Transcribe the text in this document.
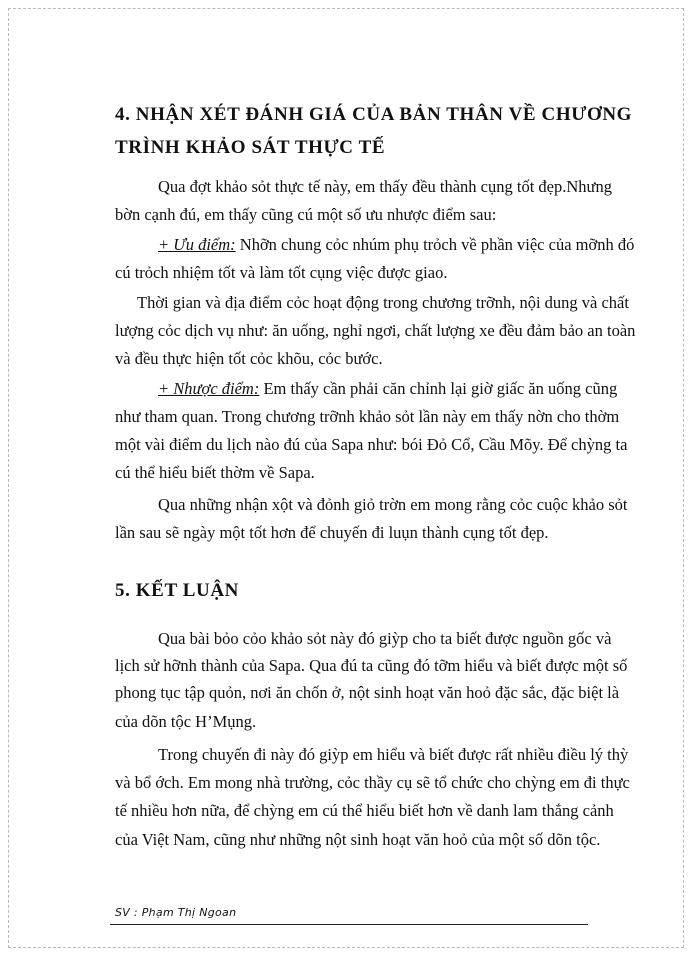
4. NHẬN XÉT ĐÁNH GIÁ CỦA BẢN THÂN VỀ CHƯƠNG
TRÌNH KHẢO SÁT THỰC TẾ
Qua đợt khảo sỏt thực tế này, em thấy đều thành cụng tốt đẹp.Nhưng
bờn cạnh đú, em thấy cũng cú một số ưu nhược điểm sau:
+ Ưu điểm: Nhỡn chung cỏc nhúm phụ trỏch về phần việc của mỡnh đó
cú trỏch nhiệm tốt và làm tốt cụng việc được giao.
Thời gian và địa điểm cỏc hoạt động trong chương trỡnh, nội dung và chất
lượng cỏc dịch vụ như: ăn uống, nghỉ ngơi, chất lượng xe đều đảm bảo an toàn
và đều thực hiện tốt cỏc khõu, cỏc bước.
+ Nhược điểm: Em thấy cần phải căn chỉnh lại giờ giấc ăn uống cũng
như tham quan. Trong chương trỡnh khảo sỏt lần này em thấy nờn cho thờm
một vài điểm du lịch nào đú của Sapa như: bói Đỏ Cổ, Cầu Mõy. Để chỳng ta
cú thể hiểu biết thờm về Sapa.
Qua những nhận xột và đỏnh giỏ trờn em mong rằng cỏc cuộc khảo sỏt
lần sau sẽ ngày một tốt hơn để chuyến đi luụn thành cụng tốt đẹp.
5. KẾT LUẬN
Qua bài bỏo cỏo khảo sỏt này đó giỳp cho ta biết được nguồn gốc và
lịch sử hỡnh thành của Sapa. Qua đú ta cũng đó tỡm hiểu và biết được một số
phong tục tập quỏn, nơi ăn chốn ở, nột sinh hoạt văn hoỏ đặc sắc, đặc biệt là
của dõn tộc H’Mụng.
Trong chuyến đi này đó giỳp em hiểu và biết được rất nhiều điều lý thỳ
và bổ ớch. Em mong nhà trường, cỏc thầy cụ sẽ tổ chức cho chỳng em đi thực
tế nhiều hơn nữa, để chỳng em cú thể hiểu biết hơn về danh lam thắng cảnh
của Việt Nam, cũng như những nột sinh hoạt văn hoỏ của một số dõn tộc.
SV : Phạm Thị Ngoan
